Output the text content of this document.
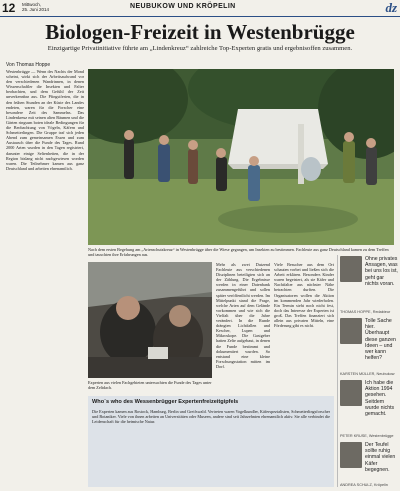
12 Mittwoch,
25. Juni 2014	NEUBUKOW UND KRÖPELIN	dz
Biologen-Freizeit in Westenbrügge
Einzigartige Privatinitiative führte am „Lindenkreuz“ zahlreiche Top-Experten gratis und ergebnisoffen zusammen.
Von Thomas Hoppe

Westenbrügge — Wenn des Nachts der Mond scheint, wirkt sich der Arbeitsaufwand vor den verschiedenen Wandrinnen, in denen Wissenschaftler die Insekten und Falter beobachten, und dem Gefühl der Zeit unverkennbar aus. Die Pfingstferien, die in den frühen Stunden an der Küste des Landes endeten, waren für die Forscher eine besondere Zeit des Sammelns. Das Lindenkreuz mit seinen alten Bäumen und die Gärten ringsum boten ideale Bedingungen für die Beobachtung von Vögeln, Käfern und Schmetterlingen. Die Gruppe traf sich jeden Abend zum gemeinsamen Essen und zum Austausch über die Funde des Tages. Rund 2000 Arten wurden in den Tagen registriert, darunter einige Seltenheiten, die in der Region bislang nicht nachgewiesen worden waren. Die Teilnehmer kamen aus ganz Deutschland und arbeiten ehrenamtlich.

Nach dem ersten Begehung am „Artenschutzkreuz“ in Westenbrügge über die Wiese gegangen, um Insekten zu bestimmen. Fachleute aus ganz Deutschland kamen zu dem Treffen und tauschten ihre Erfahrungen aus.
Experten aus vielen Fachgebieten untersuchten die Funde des Tages unter dem Zeltdach.
Who´s who des Wessenbrügger Expertenfreizeitgipfels
Die Experten kamen aus Rostock, Hamburg, Berlin und Greifswald. Vertreten waren Vogelkundler, Käferspezialisten, Schmetterlingsforscher und Botaniker. Viele von ihnen arbeiten an Universitäten oder Museen, andere sind seit Jahrzehnten ehrenamtlich aktiv. Sie alle verbindet die Leidenschaft für die heimische Natur.

Mehr als zwei Dutzend Fachleute aus verschiedenen Disziplinen beteiligten sich an der Zählung. Die Ergebnisse werden in einer Datenbank zusammengeführt und sollen später veröffentlicht werden. Im Mittelpunkt stand die Frage, welche Arten auf dem Gelände vorkommen und wie sich die Vielfalt über die Jahre verändert. In die Runde drängten Lichtfallen und Kescher, Lupen und Mikroskope. Die Gastgeber hatten Zelte aufgebaut, in denen die Funde bestimmt und dokumentiert wurden. So entstand eine kleine Forschungsstation mitten im Dorf.

Viele Besucher aus dem Ort schauten vorbei und ließen sich die Arbeit erklären. Besonders Kinder waren begeistert, als sie Käfer und Nachtfalter aus nächster Nähe betrachten durften. Die Organisatoren wollen die Aktion im kommenden Jahr wiederholen. Ein Termin steht noch nicht fest, doch das Interesse der Experten ist groß. Das Treffen finanziert sich allein aus privaten Mitteln, eine Förderung gibt es nicht.

Ohne privates Ansagen, was bei uns los ist, geht gar nichts voran.
THOMAS HOPPE, Redakteur
Tolle Sache hier. Überhaupt diese ganzen Ideen – und wer kann helfen?
KARSTEN MÜLLER, Neubukow
Ich habe die Aktion 1994 gesehen. Seitdem wurde nichts gemacht.
PETER KRUSE, Westenbrügge
Der Teufel sollte ruhig einmal vielen Käfer begegnen.
ANDREA SCHULZ, Kröpelin
